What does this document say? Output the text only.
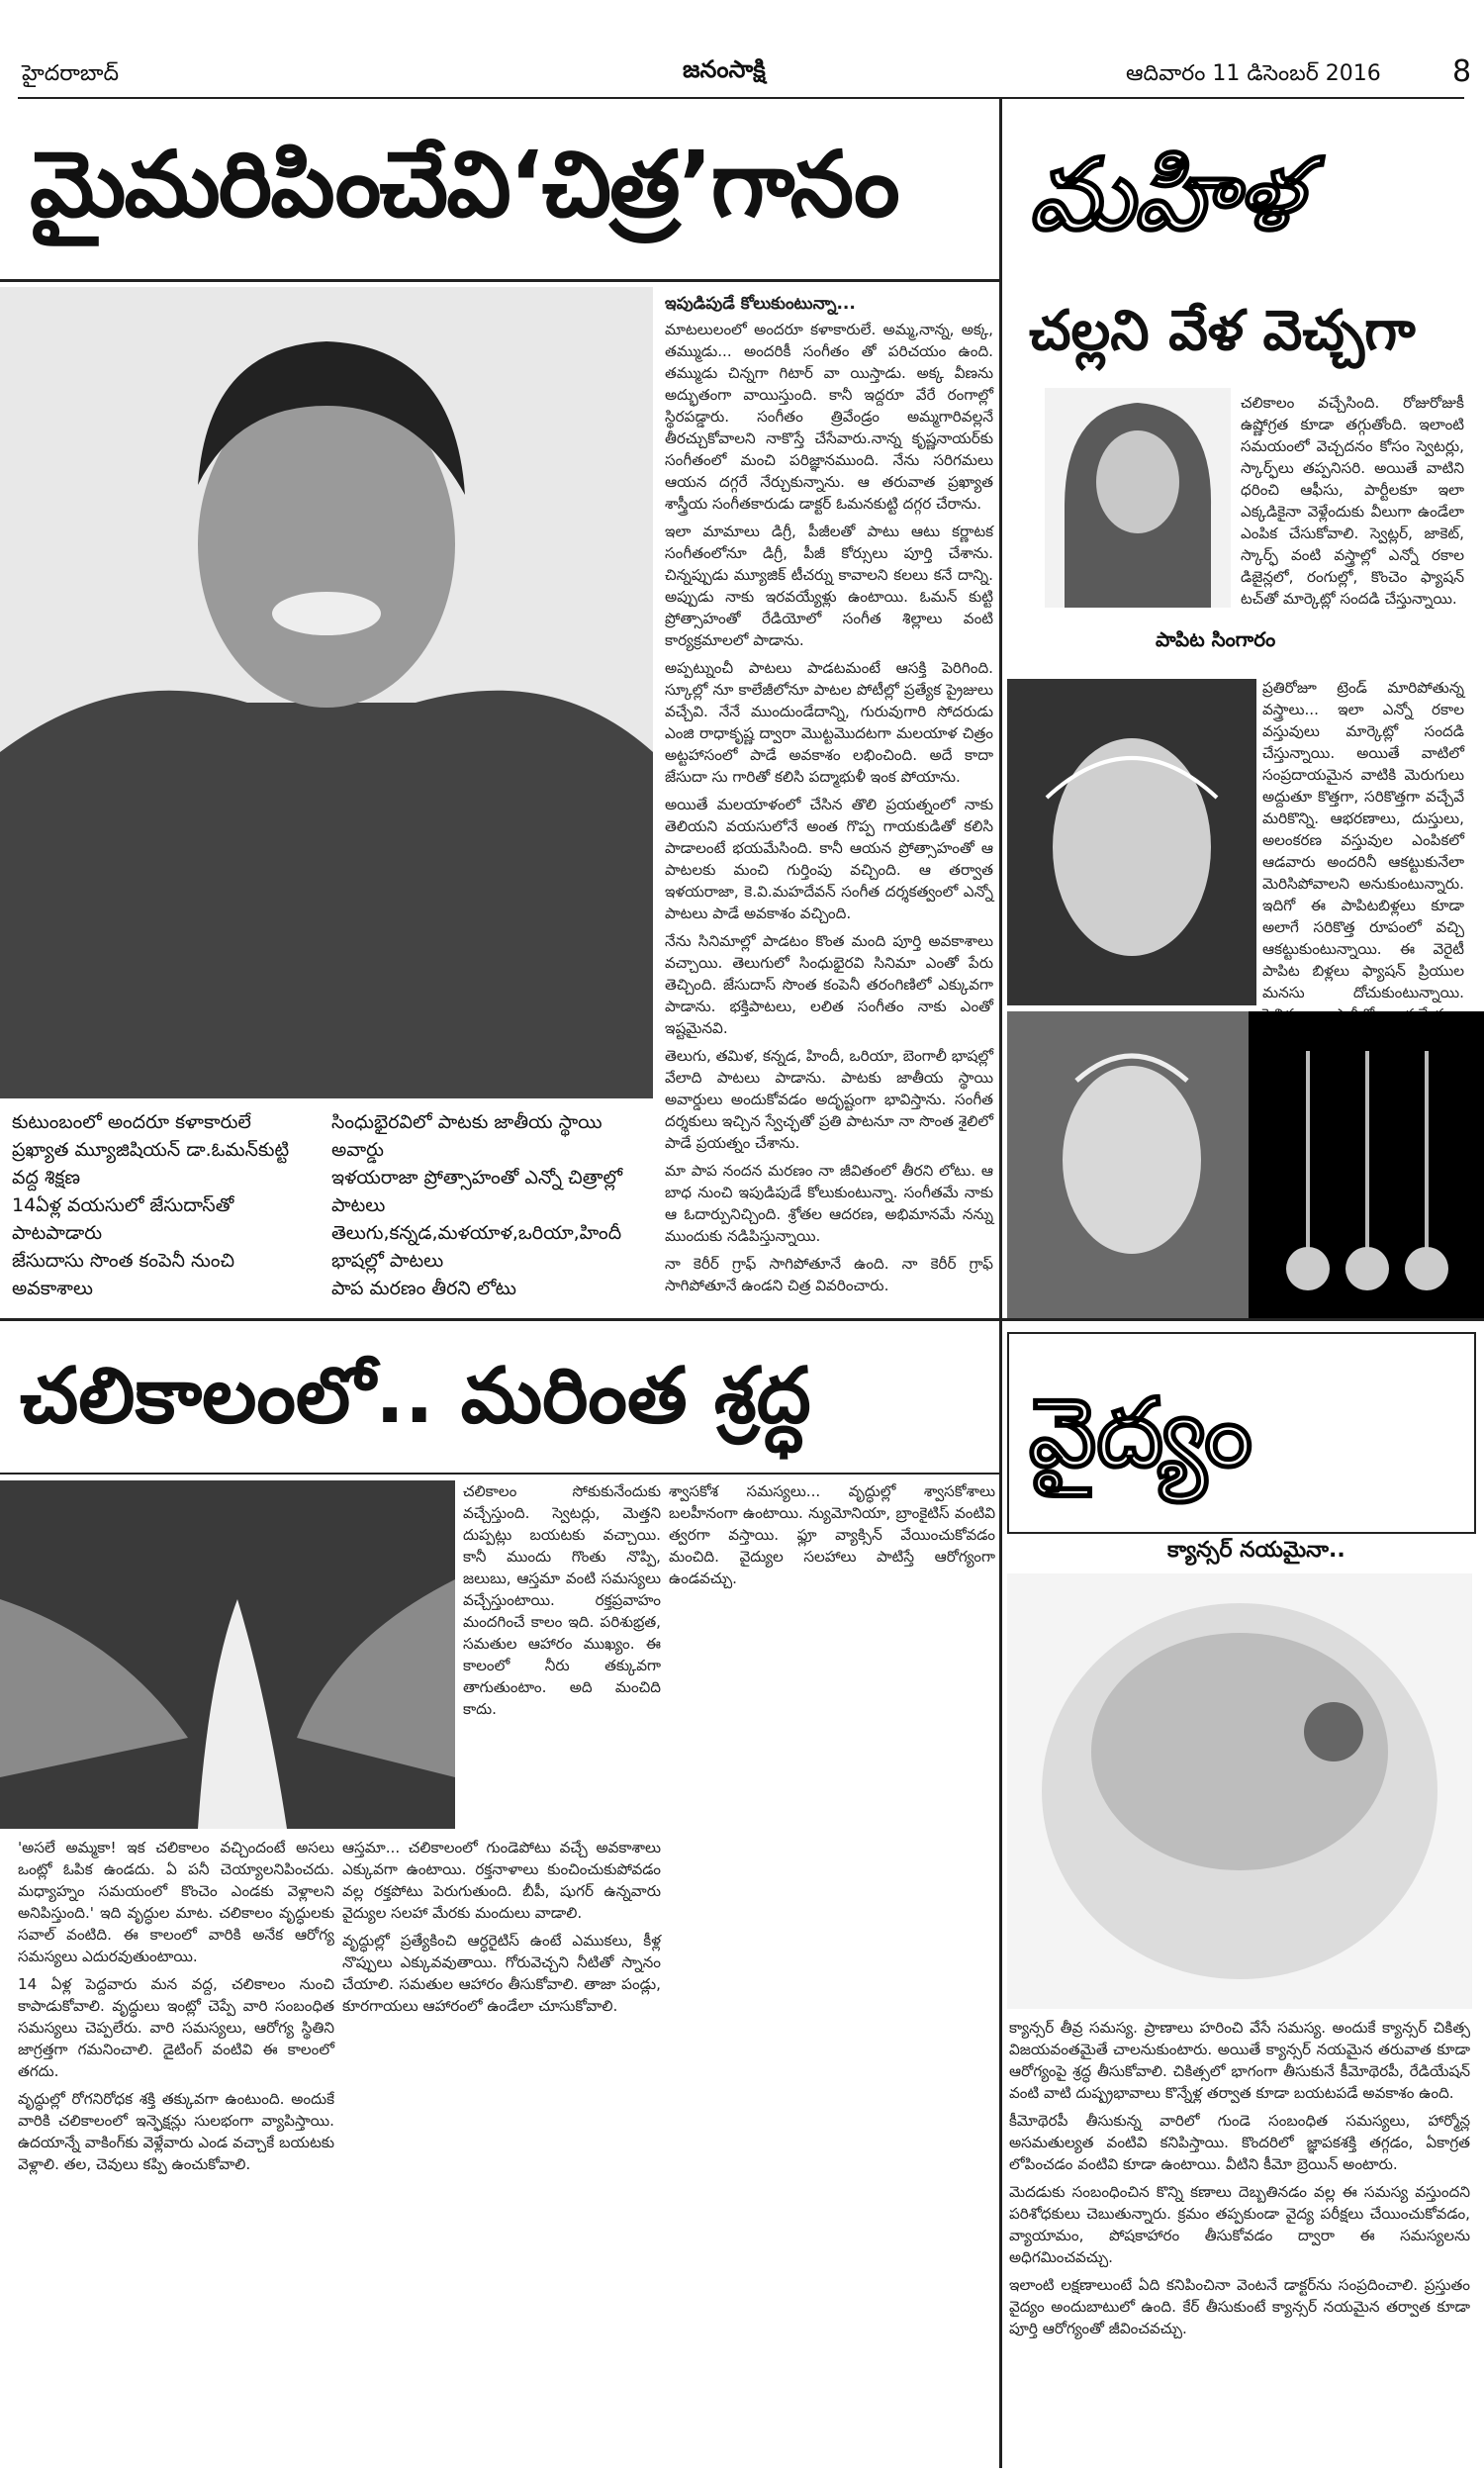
హైదరాబాద్	జనంసాక్షి	ఆదివారం 11 డిసెంబర్ 2016 8
మైమరిపించేవి‘చిత్ర’గానం
కుటుంబంలో అందరూ కళాకారులే
ప్రఖ్యాత మ్యూజిషియన్ డా.ఓమన్‌కుట్టి వద్ద శిక్షణ
14ఏళ్ల వయసులో జేసుదాస్‌తో పాటపాడారు
జేసుదాసు సొంత కంపెనీ నుంచి అవకాశాలు
సింధుభైరవిలో పాటకు జాతీయ స్థాయి అవార్డు
ఇళయరాజా ప్రోత్సాహంతో ఎన్నో చిత్రాల్లో పాటలు
తెలుగు,కన్నడ,మళయాళ,ఒరియా,హిందీ భాషల్లో పాటలు
పాప మరణం తీరని లోటు
ఇపుడిపుడే కోలుకుంటున్నా...

మాటలులంలో అందరూ కళాకారులే. అమ్మ,నాన్న, అక్క, తమ్ముడు... అందరికీ సంగీతం తో పరిచయం ఉంది. తమ్ముడు చిన్నగా గిటార్ వా యిస్తాడు. అక్క వీణను అద్భుతంగా వాయిస్తుంది. కానీ ఇద్దరూ వేరే రంగాల్లో స్థిరపడ్డారు. సంగీతం త్రివేండ్రం అమ్మగారివల్లనే తీరచ్చుకోవాలని నాకొస్తే చేసేవారు.నాన్న కృష్ణనాయర్‌కు సంగీతంలో మంచి పరిజ్ఞానముంది. నేను సరిగమలు ఆయన దగ్గరే నేర్చుకున్నాను. ఆ తరువాత ప్రఖ్యాత శాస్త్రీయ సంగీతకారుడు డాక్టర్ ఓమనకుట్టి దగ్గర చేరాను.

ఇలా మామాలు డిగ్రీ, పీజీలతో పాటు ఆటు కర్ణాటక సంగీతంలోనూ డిగ్రీ, పీజీ కోర్సులు పూర్తి చేశాను. చిన్నప్పుడు మ్యూజిక్ టీచర్ను కావాలని కలలు కనే దాన్ని. అప్పుడు నాకు ఇరవయ్యేళ్లు ఉంటాయి. ఓమన్ కుట్టి ప్రోత్సాహంతో రేడియోలో సంగీత శిల్లాలు వంటి కార్యక్రమాలలో పాడాను.

అప్పట్నుంచీ పాటలు పాడటమంటే ఆసక్తి పెరిగింది. స్కూల్లో నూ కాలేజీలోనూ పాటల పోటీల్లో ప్రత్యేక ప్రైజులు వచ్చేవి. నేనే ముందుండేదాన్ని, గురువుగారి సోదరుడు ఎంజి రాధాకృష్ణ ద్వారా మొట్టమొదటగా మలయాళ చిత్రం అట్టహాసంలో పాడే అవకాశం లభించింది. అదే కాదా జేసుదా సు గారితో కలిసి పద్మాభుళీ ఇంక పోయాను.

అయితే మలయాళంలో చేసిన తొలి ప్రయత్నంలో నాకు తెలియని వయసులోనే అంత గొప్ప గాయకుడితో కలిసి పాడాలంటే భయమేసింది. కానీ ఆయన ప్రోత్సాహంతో ఆ పాటలకు మంచి గుర్తింపు వచ్చింది. ఆ తర్వాత ఇళయరాజా, కె.వి.మహదేవన్ సంగీత దర్శకత్వంలో ఎన్నో పాటలు పాడే అవకాశం వచ్చింది.

నేను సినిమాల్లో పాడటం కొంత మంది పూర్తి అవకాశాలు వచ్చాయి. తెలుగులో సింధుభైరవి సినిమా ఎంతో పేరు తెచ్చింది. జేసుదాస్ సొంత కంపెనీ తరంగిణిలో ఎక్కువగా పాడాను. భక్తిపాటలు, లలిత సంగీతం నాకు ఎంతో ఇష్టమైనవి.

తెలుగు, తమిళ, కన్నడ, హిందీ, ఒరియా, బెంగాలీ భాషల్లో వేలాది పాటలు పాడాను. పాటకు జాతీయ స్థాయి అవార్డులు అందుకోవడం అదృష్టంగా భావిస్తాను. సంగీత దర్శకులు ఇచ్చిన స్వేచ్ఛతో ప్రతి పాటనూ నా సొంత శైలిలో పాడే ప్రయత్నం చేశాను.

మా పాప నందన మరణం నా జీవితంలో తీరని లోటు. ఆ బాధ నుంచి ఇపుడిపుడే కోలుకుంటున్నా. సంగీతమే నాకు ఆ ఓదార్పునిచ్చింది. శ్రోతల ఆదరణ, అభిమానమే నన్ను ముందుకు నడిపిస్తున్నాయి.

నా కెరీర్ గ్రాఫ్ సాగిపోతూనే ఉంది. నా కెరీర్ గ్రాఫ్ సాగిపోతూనే ఉండని చిత్ర వివరించారు.

మహిళ
చల్లని వేళ వెచ్చగా
చలికాలం వచ్చేసింది. రోజురోజుకీ ఉష్ణోగ్రత కూడా తగ్గుతోంది. ఇలాంటి సమయంలో వెచ్చదనం కోసం స్వెటర్లు, స్కార్ఫ్‌లు తప్పనిసరి. అయితే వాటిని ధరించి ఆఫీసు, పార్టీలకూ ఇలా ఎక్కడికైనా వెళ్లేందుకు వీలుగా ఉండేలా ఎంపిక చేసుకోవాలి. స్వెట్లర్, జాకెట్, స్కార్ఫ్ వంటి వస్త్రాల్లో ఎన్నో రకాల డిజైన్లలో, రంగుల్లో, కొంచెం ఫ్యాషన్ టచ్‌తో మార్కెట్లో సందడి చేస్తున్నాయి.
పాపిట సింగారం
ప్రతిరోజూ ట్రెండ్ మారిపోతున్న వస్త్రాలు... ఇలా ఎన్నో రకాల వస్తువులు మార్కెట్లో సందడి చేస్తున్నాయి. అయితే వాటిలో సంప్రదాయమైన వాటికి మెరుగులు అద్దుతూ కొత్తగా, సరికొత్తగా వచ్చేవే మరికొన్ని. ఆభరణాలు, దుస్తులు, అలంకరణ వస్తువుల ఎంపికలో ఆడవారు అందరినీ ఆకట్టుకునేలా మెరిసిపోవాలని అనుకుంటున్నారు. ఇదిగో ఈ పాపిటబిళ్లలు కూడా అలాగే సరికొత్త రూపంలో వచ్చి ఆకట్టుకుంటున్నాయి. ఈ వెరైటీ పాపిట బిళ్లలు ఫ్యాషన్ ప్రియుల మనసు దోచుకుంటున్నాయి.
చలికాలంలో.. మరింత శ్రద్ధ
చలికాలం సోకుకునేందుకు వచ్చేస్తుంది. స్వెటర్లు, మెత్తని దుప్పట్లు బయటకు వచ్చాయి. కానీ ముందు గొంతు నొప్పి, జలుబు, ఆస్తమా వంటి సమస్యలు వచ్చేస్తుంటాయి. రక్తప్రవాహం మందగించే కాలం ఇది. పరిశుభ్రత, సమతుల ఆహారం ముఖ్యం. ఈ కాలంలో నీరు తక్కువగా తాగుతుంటాం. అది మంచిది కాదు.

'అసలే అమ్మకా! ఇక చలికాలం వచ్చిందంటే అసలు ఒంట్లో ఓపిక ఉండదు. ఏ పనీ చెయ్యాలనిపించదు. మధ్యాహ్నం సమయంలో కొంచెం ఎండకు వెళ్లాలని అనిపిస్తుంది.' ఇది వృద్ధుల మాట. చలికాలం వృద్ధులకు సవాల్ వంటిది. ఈ కాలంలో వారికి అనేక ఆరోగ్య సమస్యలు ఎదురవుతుంటాయి.

14 ఏళ్ల పెద్దవారు మన వద్ద, చలికాలం నుంచి కాపాడుకోవాలి. వృద్ధులు ఇంట్లో చెప్పే వారి సంబంధిత సమస్యలు చెప్పలేరు. వారి సమస్యలు, ఆరోగ్య స్థితిని జాగ్రత్తగా గమనించాలి. డైటింగ్ వంటివి ఈ కాలంలో తగదు.

వృద్ధుల్లో రోగనిరోధక శక్తి తక్కువగా ఉంటుంది. అందుకే వారికి చలికాలంలో ఇన్ఫెక్షన్లు సులభంగా వ్యాపిస్తాయి. ఉదయాన్నే వాకింగ్‌కు వెళ్లేవారు ఎండ వచ్చాకే బయటకు వెళ్లాలి. తల, చెవులు కప్పి ఉంచుకోవాలి.

ఆస్తమా... చలికాలంలో గుండెపోటు వచ్చే అవకాశాలు ఎక్కువగా ఉంటాయి. రక్తనాళాలు కుంచించుకుపోవడం వల్ల రక్తపోటు పెరుగుతుంది. బీపీ, షుగర్ ఉన్నవారు వైద్యుల సలహా మేరకు మందులు వాడాలి.

వృద్ధుల్లో ప్రత్యేకించి ఆర్ధరైటిస్ ఉంటే ఎముకలు, కీళ్ల నొప్పులు ఎక్కువవుతాయి. గోరువెచ్చని నీటితో స్నానం చేయాలి. సమతుల ఆహారం తీసుకోవాలి. తాజా పండ్లు, కూరగాయలు ఆహారంలో ఉండేలా చూసుకోవాలి.

శ్వాసకోశ సమస్యలు... వృద్ధుల్లో శ్వాసకోశాలు బలహీనంగా ఉంటాయి. న్యుమోనియా, బ్రాంకైటిస్ వంటివి త్వరగా వస్తాయి. ఫ్లూ వ్యాక్సిన్ వేయించుకోవడం మంచిది. వైద్యుల సలహాలు పాటిస్తే ఆరోగ్యంగా ఉండవచ్చు.

వైద్యం
క్యాన్సర్ నయమైనా..

క్యాన్సర్ తీవ్ర సమస్య. ప్రాణాలు హరించి వేసే సమస్య. అందుకే క్యాన్సర్ చికిత్స విజయవంతమైతే చాలనుకుంటారు. అయితే క్యాన్సర్ నయమైన తరువాత కూడా ఆరోగ్యంపై శ్రద్ధ తీసుకోవాలి. చికిత్సలో భాగంగా తీసుకునే కీమోథెరపీ, రేడియేషన్ వంటి వాటి దుష్ప్రభావాలు కొన్నేళ్ల తర్వాత కూడా బయటపడే అవకాశం ఉంది.

కీమోథెరపీ తీసుకున్న వారిలో గుండె సంబంధిత సమస్యలు, హార్మోన్ల అసమతుల్యత వంటివి కనిపిస్తాయి. కొందరిలో జ్ఞాపకశక్తి తగ్గడం, ఏకాగ్రత లోపించడం వంటివి కూడా ఉంటాయి. వీటిని కీమో బ్రెయిన్ అంటారు.

మెదడుకు సంబంధించిన కొన్ని కణాలు దెబ్బతినడం వల్ల ఈ సమస్య వస్తుందని పరిశోధకులు చెబుతున్నారు. క్రమం తప్పకుండా వైద్య పరీక్షలు చేయించుకోవడం, వ్యాయామం, పోషకాహారం తీసుకోవడం ద్వారా ఈ సమస్యలను అధిగమించవచ్చు.

ఇలాంటి లక్షణాలుంటే ఏది కనిపించినా వెంటనే డాక్టర్‌ను సంప్రదించాలి. ప్రస్తుతం వైద్యం అందుబాటులో ఉంది. కేర్ తీసుకుంటే క్యాన్సర్ నయమైన తర్వాత కూడా పూర్తి ఆరోగ్యంతో జీవించవచ్చు.
